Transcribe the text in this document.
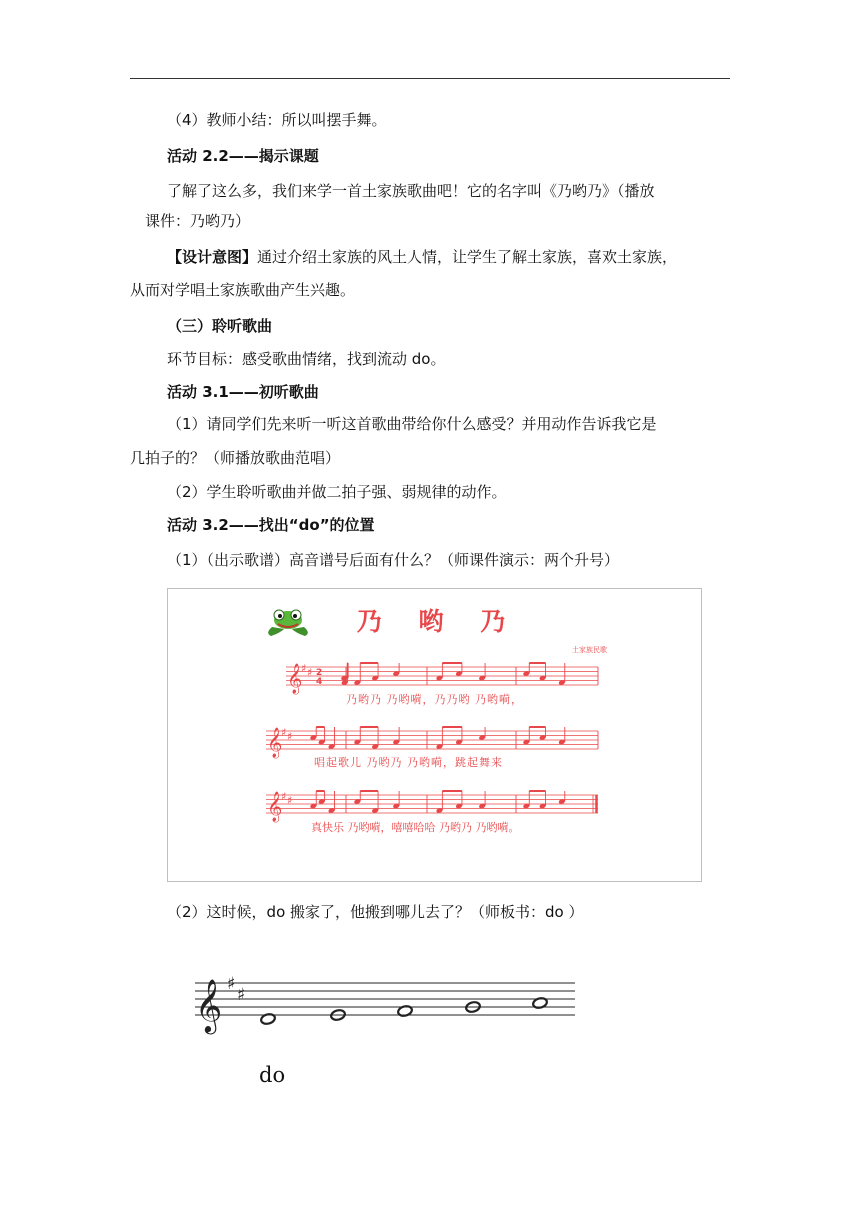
（4）教师小结：所以叫摆手舞。
活动 2.2——揭示课题
了解了这么多，我们来学一首土家族歌曲吧！它的名字叫《乃哟乃》（播放
课件：乃哟乃）
【设计意图】通过介绍土家族的风土人情，让学生了解土家族，喜欢土家族，
从而对学唱土家族歌曲产生兴趣。
（三）聆听歌曲
环节目标：感受歌曲情绪，找到流动 do。
活动 3.1——初听歌曲
（1）请同学们先来听一听这首歌曲带给你什么感受？并用动作告诉我它是
几拍子的？（师播放歌曲范唱）
（2）学生聆听歌曲并做二拍子强、弱规律的动作。
活动 3.2——找出“do”的位置
（1）（出示歌谱）高音谱号后面有什么？（师课件演示：两个升号）
乃 哟 乃
土家族民歌
𝄞
♯ ♯ 2
4
𝄞
♯ ♯
𝄞
♯ ♯
乃哟乃 乃哟嗬，乃乃哟 乃哟嗬，
唱起歌儿 乃哟乃 乃哟嗬，跳起舞来
真快乐 乃哟嗬，嘻嘻哈哈 乃哟乃 乃哟嗬。
（2）这时候，do 搬家了，他搬到哪儿去了？（师板书：do ）
𝄞 ♯
♯
do
